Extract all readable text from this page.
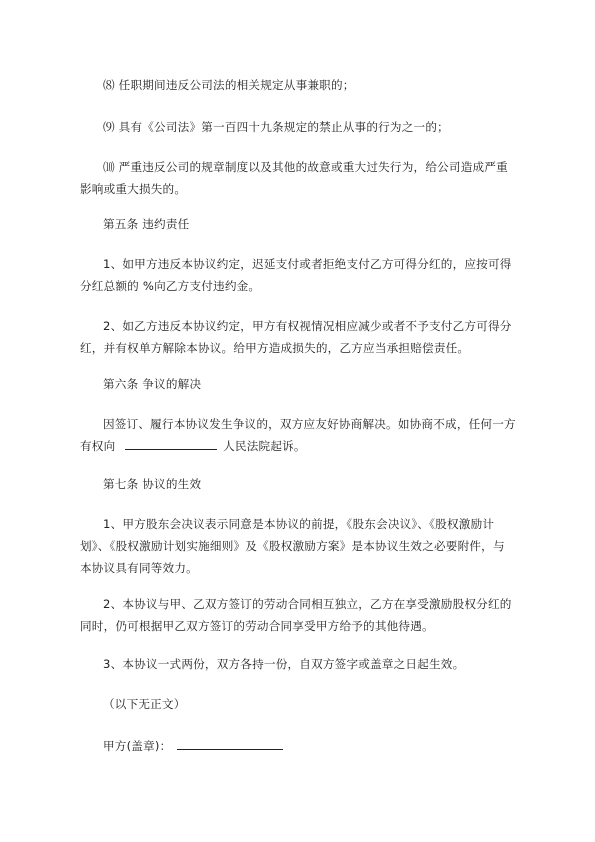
⑻ 任职期间违反公司法的相关规定从事兼职的；
⑼ 具有《公司法》第一百四十九条规定的禁止从事的行为之一的；
⑽ 严重违反公司的规章制度以及其他的故意或重大过失行为，给公司造成严重
影响或重大损失的。
第五条 违约责任
1、如甲方违反本协议约定，迟延支付或者拒绝支付乙方可得分红的，应按可得
分红总额的 %向乙方支付违约金。
2、如乙方违反本协议约定，甲方有权视情况相应减少或者不予支付乙方可得分
红，并有权单方解除本协议。给甲方造成损失的，乙方应当承担赔偿责任。
第六条 争议的解决
因签订、履行本协议发生争议的，双方应友好协商解决。如协商不成，任何一方
有权向	人民法院起诉。
第七条 协议的生效
1、甲方股东会决议表示同意是本协议的前提，《股东会决议》、《股权激励计
划》、《股权激励计划实施细则》及《股权激励方案》是本协议生效之必要附件，与
本协议具有同等效力。
2、本协议与甲、乙双方签订的劳动合同相互独立，乙方在享受激励股权分红的
同时，仍可根据甲乙双方签订的劳动合同享受甲方给予的其他待遇。
3、本协议一式两份，双方各持一份，自双方签字或盖章之日起生效。
（以下无正文）
甲方(盖章)：
